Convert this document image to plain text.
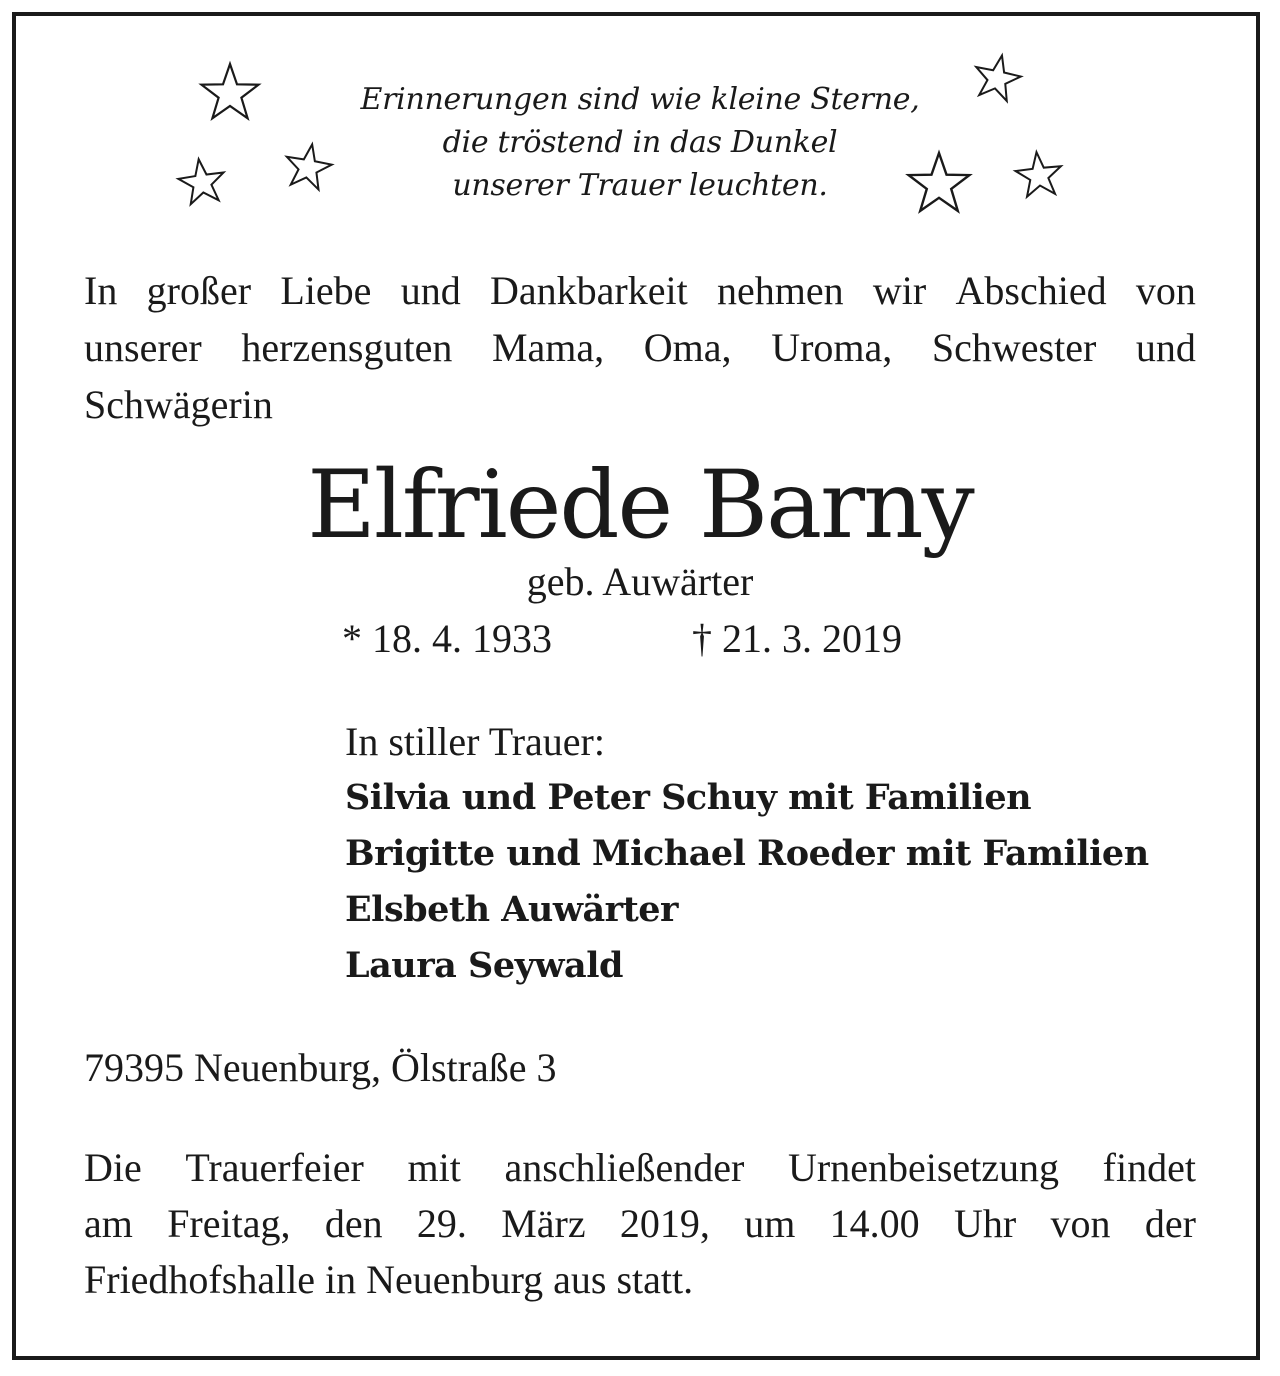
Erinnerungen sind wie kleine Sterne,
die tröstend in das Dunkel
unserer Trauer leuchten.
In großer Liebe und Dankbarkeit nehmen wir Abschied von
unserer herzensguten Mama, Oma, Uroma, Schwester und
Schwägerin
Elfriede Barny
geb. Auwärter
* 18. 4. 1933	† 21. 3. 2019
In stiller Trauer:
Silvia und Peter Schuy mit Familien
Brigitte und Michael Roeder mit Familien
Elsbeth Auwärter
Laura Seywald
79395 Neuenburg, Ölstraße 3
Die Trauerfeier mit anschließender Urnenbeisetzung findet
am Freitag, den 29. März 2019, um 14.00 Uhr von der
Friedhofshalle in Neuenburg aus statt.
